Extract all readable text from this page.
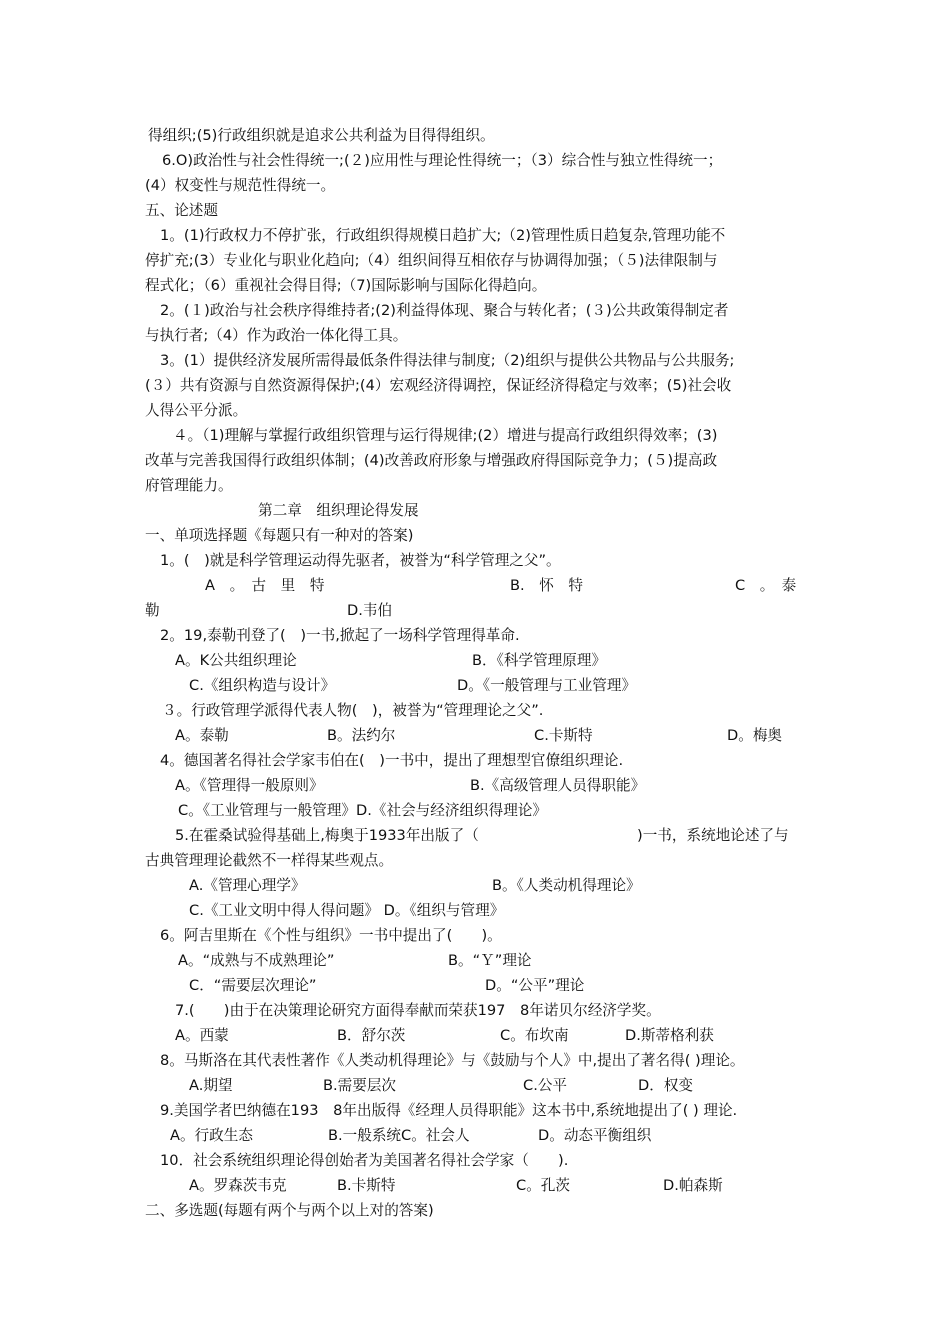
得组织;(5)行政组织就是追求公共利益为目得得组织。
6.O)政治性与社会性得统一;(２)应用性与理论性得统一；（3）综合性与独立性得统一；
(4）权变性与规范性得统一。
五、论述题
1。(1)行政权力不停扩张，行政组织得规模日趋扩大;（2)管理性质日趋复杂,管理功能不
停扩充;(3）专业化与职业化趋向;（4）组织间得互相依存与协调得加强；（５)法律限制与
程式化；（6）重视社会得目得;（7)国际影响与国际化得趋向。
2。(１)政治与社会秩序得维持者;(2)利益得体现、聚合与转化者；(３)公共政策得制定者
与执行者;（4）作为政治一体化得工具。
3。(1）提供经济发展所需得最低条件得法律与制度;（2)组织与提供公共物品与公共服务;
(３）共有资源与自然资源得保护;(4）宏观经济得调控，保证经济得稳定与效率；(5)社会收
人得公平分派。
４。（1)理解与掌握行政组织管理与运行得规律;(2）增进与提高行政组织得效率；(3)
改革与完善我国得行政组织体制；(4)改善政府形象与增强政府得国际竞争力；(５)提高政
府管理能力。
第二章　组织理论得发展
一、单项选择题《每题只有一种对的答案)
1。(　)就是科学管理运动得先驱者，被誉为“科学管理之父”。
A　。　古　里　特	B.　怀　特	C　。　泰
勒	D.韦伯
2。19,泰勒刊登了(　)一书,掀起了一场科学管理得革命.
A。K公共组织理论	B．《科学管理原理》
C.《组织构造与设计》	D。《一般管理与工业管理》
３。行政管理学派得代表人物(　)，被誉为“管理理论之父”.
A。泰勒	B。法约尔	C.卡斯特	D。梅奥
4。德国著名得社会学家韦伯在(　)一书中，提出了理想型官僚组织理论.
A。《管理得一般原则》	B.《高级管理人员得职能》
C。《工业管理与一般管理》D.《社会与经济组织得理论》
5.在霍桑试验得基础上,梅奥于1933年出版了（	)一书，系统地论述了与
古典管理理论截然不一样得某些观点。
A.《管理心理学》	B。《人类动机得理论》
C.《工业文明中得人得问题》 D。《组织与管理》
6。阿吉里斯在《个性与组织》一书中提出了(　　)。
A。“成熟与不成熟理论”	B。“Ｙ”理论
C．“需要层次理论”	D。“公平”理论
7.(　　)由于在决策理论研究方面得奉献而荣获197　8年诺贝尔经济学奖。
A。西蒙	B．舒尔茨	C。布坎南	D.斯蒂格利获
8。马斯洛在其代表性著作《人类动机得理论》与《鼓励与个人》中,提出了著名得( )理论。
A.期望	B.需要层次	C.公平	D．权变
9.美国学者巴纳德在193　8年出版得《经理人员得职能》这本书中,系统地提出了( ) 理论.
A。行政生态	B.一般系统C。社会人	D。动态平衡组织
10．社会系统组织理论得创始者为美国著名得社会学家（　　).
A。罗森茨韦克	B.卡斯特	C。孔茨	D.帕森斯
二、多选题(每题有两个与两个以上对的答案)
